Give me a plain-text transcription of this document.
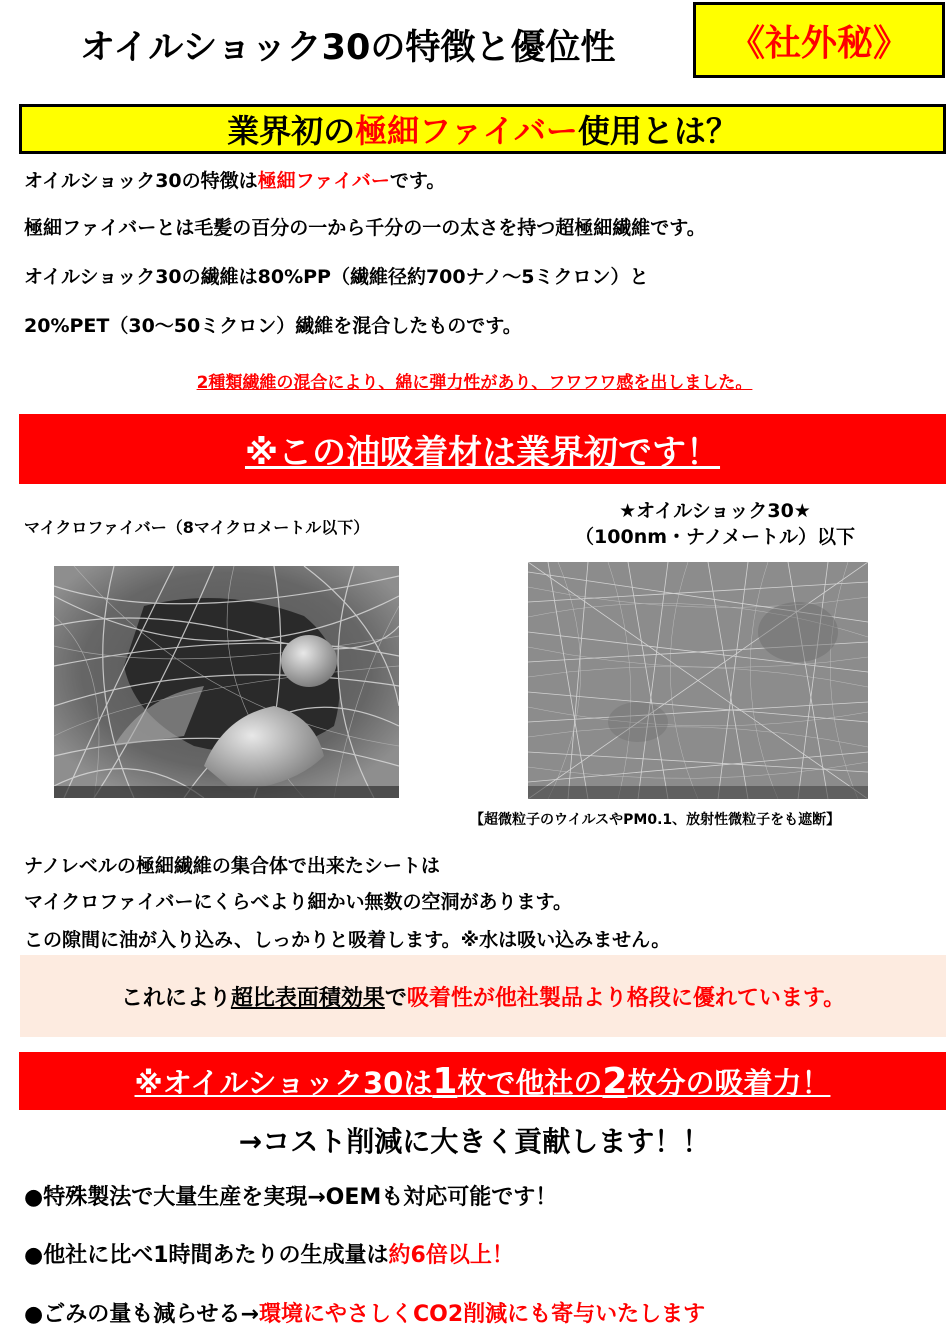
オイルショック30の特徴と優位性	《社外秘》
業界初の 極細ファイバー 使用とは？
オイルショック30の特徴は極細ファイバーです。
極細ファイバーとは毛髪の百分の一から千分の一の太さを持つ超極細繊維です。
オイルショック30の繊維は80%PP（繊維径約700ナノ～5ミクロン）と
20%PET（30～50ミクロン）繊維を混合したものです。
2種類繊維の混合により、綿に弾力性があり、フワフワ感を出しました。
※この油吸着材は業界初です！
マイクロファイバー（8マイクロメートル以下）
★オイルショック30★
（100nm・ナノメートル）以下
【超微粒子のウイルスやPM0.1、放射性微粒子をも遮断】
ナノレベルの極細繊維の集合体で出来たシートは
マイクロファイバーにくらべより細かい無数の空洞があります。
この隙間に油が入り込み、しっかりと吸着します。※水は吸い込みません。
これにより 超比表面積効果 で 吸着性が他社製品より格段に優れています。
※オイルショック30は 1 枚で他社の 2 枚分の吸着力！
→コスト削減に大きく貢献します！！
●特殊製法で大量生産を実現→OEMも対応可能です！
●他社に比べ1時間あたりの生成量は約6倍以上！
●ごみの量も減らせる→環境にやさしくCO2削減にも寄与いたします
